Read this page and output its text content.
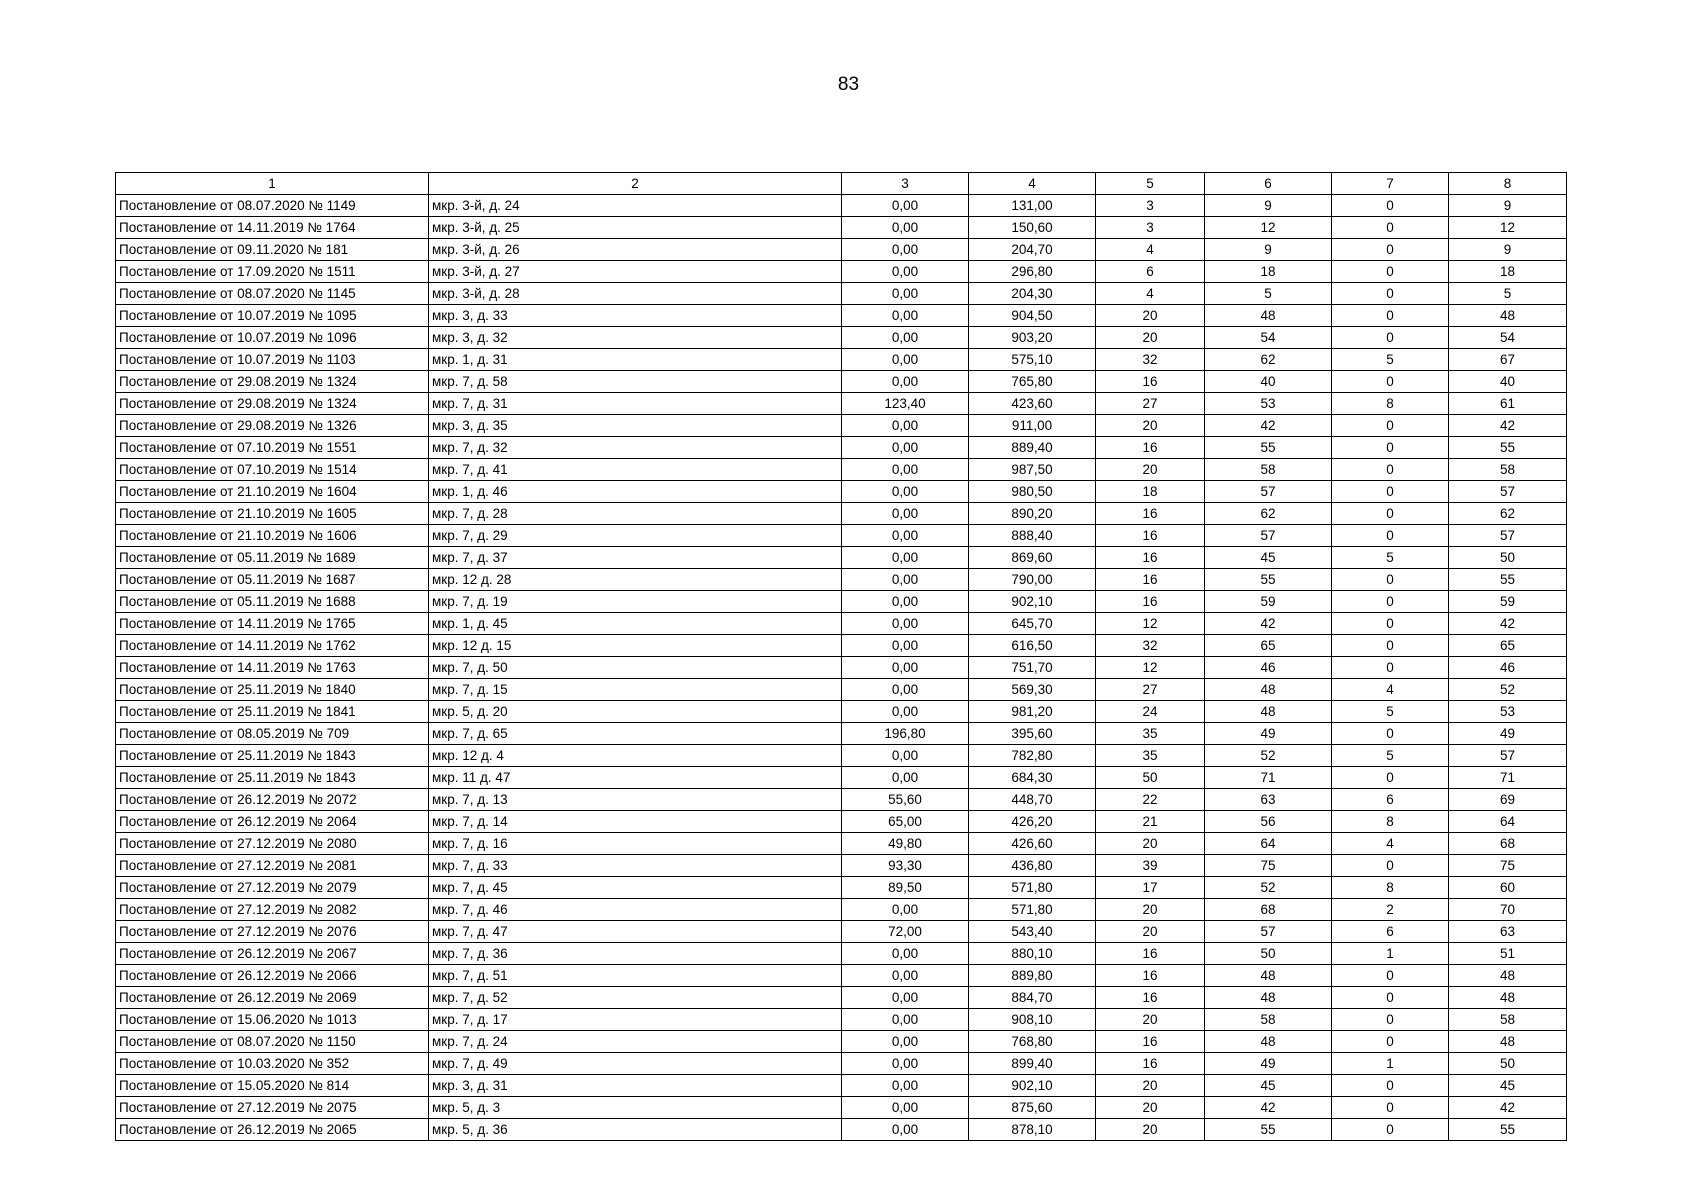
83
1	2	3	4	5	6	7	8
Постановление от 08.07.2020 № 1149	мкр. 3-й, д. 24	0,00	131,00	3	9	0	9
Постановление от 14.11.2019 № 1764	мкр. 3-й, д. 25	0,00	150,60	3	12	0	12
Постановление от 09.11.2020 № 181	мкр. 3-й, д. 26	0,00	204,70	4	9	0	9
Постановление от 17.09.2020 № 1511	мкр. 3-й, д. 27	0,00	296,80	6	18	0	18
Постановление от 08.07.2020 № 1145	мкр. 3-й, д. 28	0,00	204,30	4	5	0	5
Постановление от 10.07.2019 № 1095	мкр. 3, д. 33	0,00	904,50	20	48	0	48
Постановление от 10.07.2019 № 1096	мкр. 3, д. 32	0,00	903,20	20	54	0	54
Постановление от 10.07.2019 № 1103	мкр. 1, д. 31	0,00	575,10	32	62	5	67
Постановление от 29.08.2019 № 1324	мкр. 7, д. 58	0,00	765,80	16	40	0	40
Постановление от 29.08.2019 № 1324	мкр. 7, д. 31	123,40	423,60	27	53	8	61
Постановление от 29.08.2019 № 1326	мкр. 3, д. 35	0,00	911,00	20	42	0	42
Постановление от 07.10.2019 № 1551	мкр. 7, д. 32	0,00	889,40	16	55	0	55
Постановление от 07.10.2019 № 1514	мкр. 7, д. 41	0,00	987,50	20	58	0	58
Постановление от 21.10.2019 № 1604	мкр. 1, д. 46	0,00	980,50	18	57	0	57
Постановление от 21.10.2019 № 1605	мкр. 7, д. 28	0,00	890,20	16	62	0	62
Постановление от 21.10.2019 № 1606	мкр. 7, д. 29	0,00	888,40	16	57	0	57
Постановление от 05.11.2019 № 1689	мкр. 7, д. 37	0,00	869,60	16	45	5	50
Постановление от 05.11.2019 № 1687	мкр. 12 д. 28	0,00	790,00	16	55	0	55
Постановление от 05.11.2019 № 1688	мкр. 7, д. 19	0,00	902,10	16	59	0	59
Постановление от 14.11.2019 № 1765	мкр. 1, д. 45	0,00	645,70	12	42	0	42
Постановление от 14.11.2019 № 1762	мкр. 12 д. 15	0,00	616,50	32	65	0	65
Постановление от 14.11.2019 № 1763	мкр. 7, д. 50	0,00	751,70	12	46	0	46
Постановление от 25.11.2019 № 1840	мкр. 7, д. 15	0,00	569,30	27	48	4	52
Постановление от 25.11.2019 № 1841	мкр. 5, д. 20	0,00	981,20	24	48	5	53
Постановление от 08.05.2019 № 709	мкр. 7, д. 65	196,80	395,60	35	49	0	49
Постановление от 25.11.2019 № 1843	мкр. 12 д. 4	0,00	782,80	35	52	5	57
Постановление от 25.11.2019 № 1843	мкр. 11 д. 47	0,00	684,30	50	71	0	71
Постановление от 26.12.2019 № 2072	мкр. 7, д. 13	55,60	448,70	22	63	6	69
Постановление от 26.12.2019 № 2064	мкр. 7, д. 14	65,00	426,20	21	56	8	64
Постановление от 27.12.2019 № 2080	мкр. 7, д. 16	49,80	426,60	20	64	4	68
Постановление от 27.12.2019 № 2081	мкр. 7, д. 33	93,30	436,80	39	75	0	75
Постановление от 27.12.2019 № 2079	мкр. 7, д. 45	89,50	571,80	17	52	8	60
Постановление от 27.12.2019 № 2082	мкр. 7, д. 46	0,00	571,80	20	68	2	70
Постановление от 27.12.2019 № 2076	мкр. 7, д. 47	72,00	543,40	20	57	6	63
Постановление от 26.12.2019 № 2067	мкр. 7, д. 36	0,00	880,10	16	50	1	51
Постановление от 26.12.2019 № 2066	мкр. 7, д. 51	0,00	889,80	16	48	0	48
Постановление от 26.12.2019 № 2069	мкр. 7, д. 52	0,00	884,70	16	48	0	48
Постановление от 15.06.2020 № 1013	мкр. 7, д. 17	0,00	908,10	20	58	0	58
Постановление от 08.07.2020 № 1150	мкр. 7, д. 24	0,00	768,80	16	48	0	48
Постановление от 10.03.2020 № 352	мкр. 7, д. 49	0,00	899,40	16	49	1	50
Постановление от 15.05.2020 № 814	мкр. 3, д. 31	0,00	902,10	20	45	0	45
Постановление от 27.12.2019 № 2075	мкр. 5, д. 3	0,00	875,60	20	42	0	42
Постановление от 26.12.2019 № 2065	мкр. 5, д. 36	0,00	878,10	20	55	0	55
